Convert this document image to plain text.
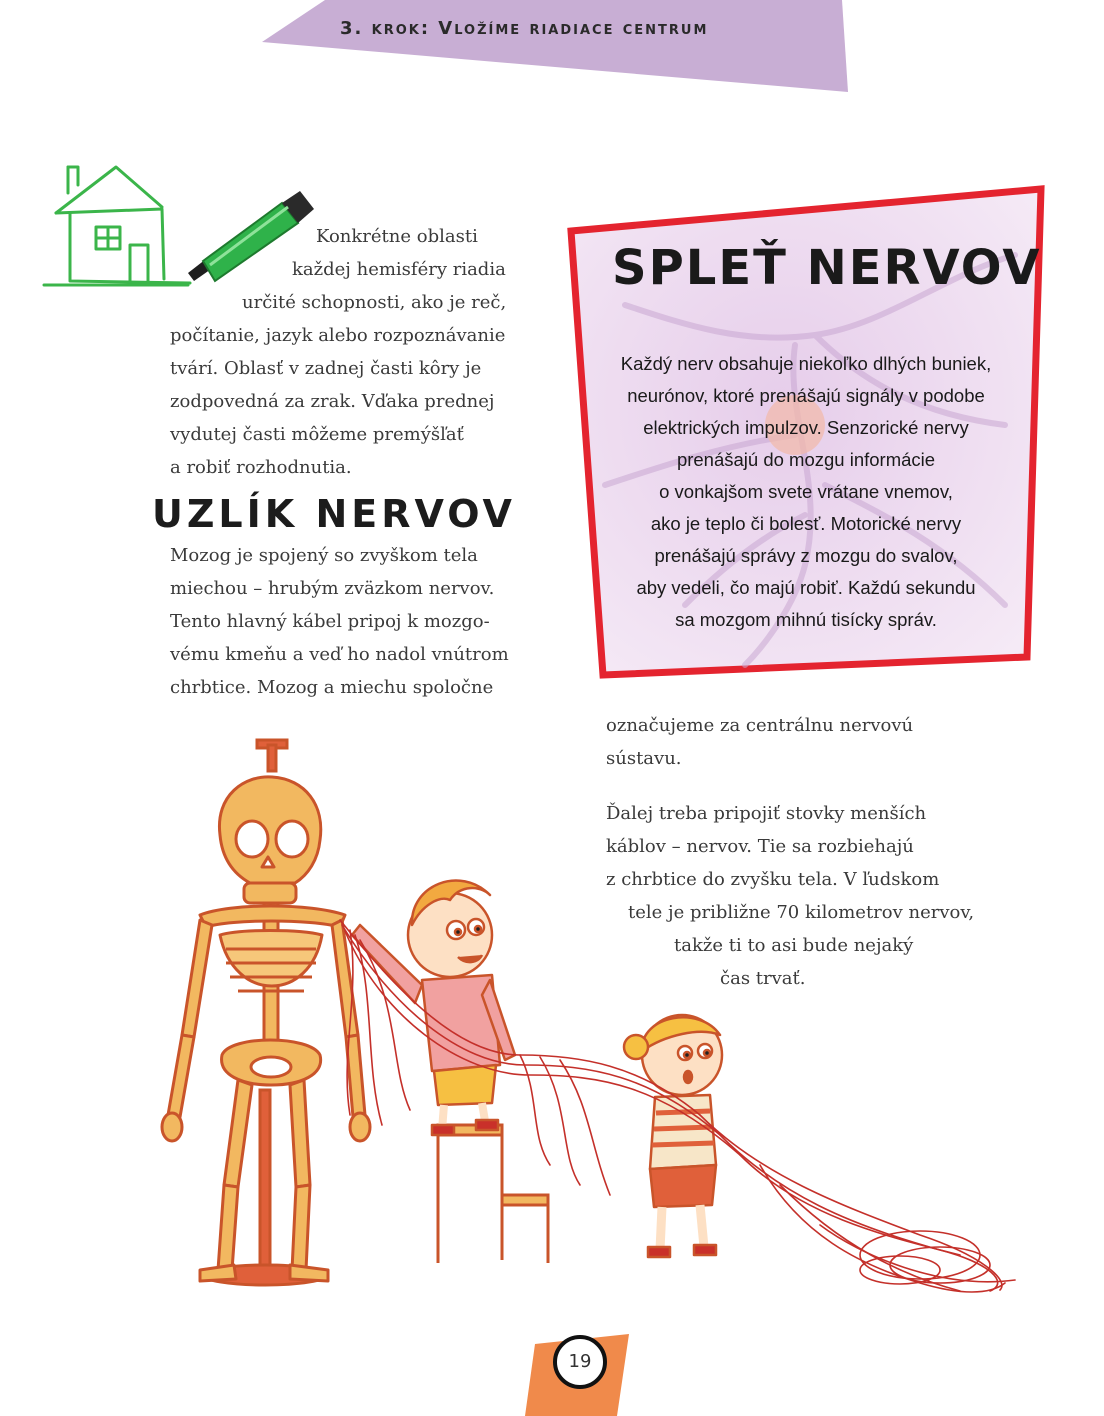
3. krok: Vložíme riadiace centrum

Konkrétne oblasti
každej hemisféry riadia
určité schopnosti, ako je reč,
počítanie, jazyk alebo rozpoznávanie
tvárí. Oblasť v zadnej časti kôry je
zodpovedná za zrak. Vďaka prednej
vydutej časti môžeme premýšľať
a robiť rozhodnutia.

UZLÍK NERVOV

Mozog je spojený so zvyškom tela
miechou – hrubým zväzkom nervov.
Tento hlavný kábel pripoj k mozgo-
vému kmeňu a veď ho nadol vnútrom
chrbtice. Mozog a miechu spoločne

SPLEŤ NERVOV

Každý nerv obsahuje niekoľko dlhých buniek,
neurónov, ktoré prenášajú signály v podobe
elektrických impulzov. Senzorické nervy
prenášajú do mozgu informácie
o vonkajšom svete vrátane vnemov,
ako je teplo či bolesť. Motorické nervy
prenášajú správy z mozgu do svalov,
aby vedeli, čo majú robiť. Každú sekundu
sa mozgom mihnú tisícky správ.

označujeme za centrálnu nervovú
sústavu.

Ďalej treba pripojiť stovky menších
káblov – nervov. Tie sa rozbiehajú
z chrbtice do zvyšku tela. V ľudskom
tele je približne 70 kilometrov nervov,
takže ti to asi bude nejaký
čas trvať.

19
